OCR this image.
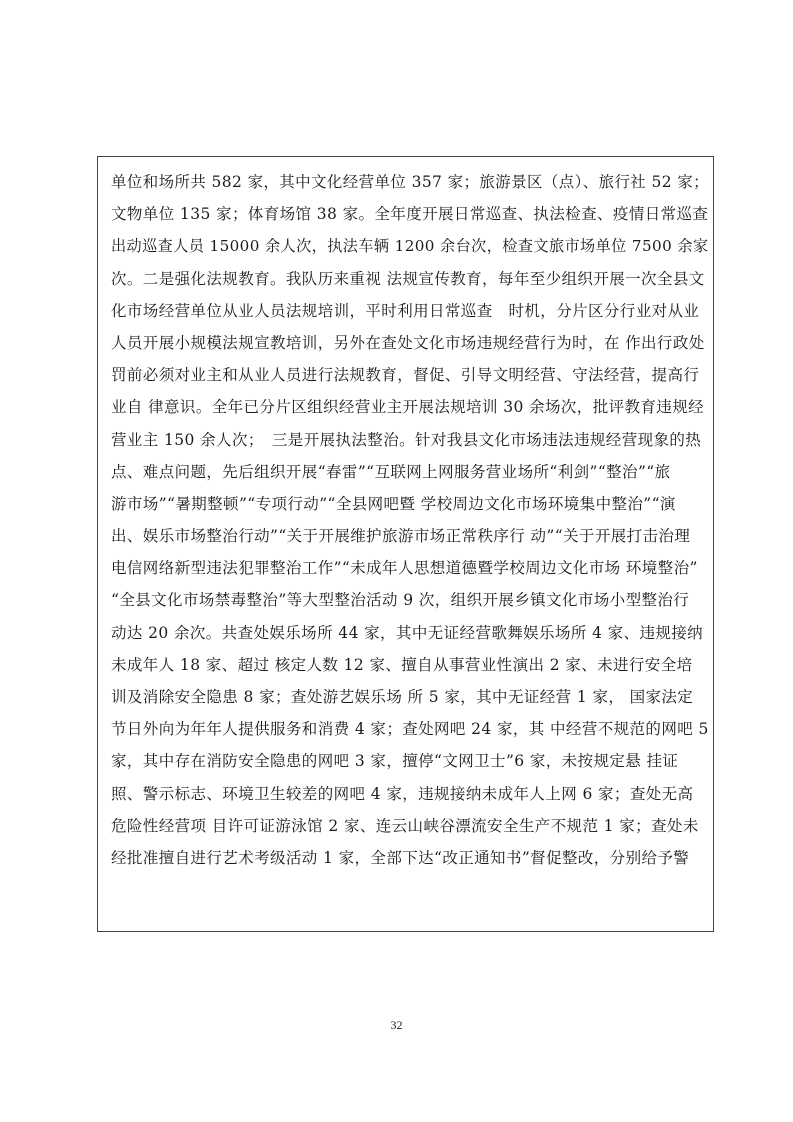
单位和场所共 582 家，其中文化经营单位 357 家；旅游景区（点）、旅行社 52 家；
文物单位 135 家；体育场馆 38 家。全年度开展日常巡查、执法检查、疫情日常巡查
出动巡查人员 15000 余人次，执法车辆 1200 余台次，检查文旅市场单位 7500 余家
次。二是强化法规教育。我队历来重视 法规宣传教育，每年至少组织开展一次全县文
化市场经营单位从业人员法规培训，平时利用日常巡查　时机，分片区分行业对从业
人员开展小规模法规宣教培训，另外在查处文化市场违规经营行为时，在 作出行政处
罚前必须对业主和从业人员进行法规教育，督促、引导文明经营、守法经营，提高行
业自 律意识。全年已分片区组织经营业主开展法规培训 30 余场次，批评教育违规经
营业主 150 余人次；　三是开展执法整治。针对我县文化市场违法违规经营现象的热
点、难点问题，先后组织开展“春雷”“互联网上网服务营业场所“利剑”“整治”“旅
游市场”“暑期整顿”“专项行动”“全县网吧暨 学校周边文化市场环境集中整治”“演
出、娱乐市场整治行动”“关于开展维护旅游市场正常秩序行 动”“关于开展打击治理
电信网络新型违法犯罪整治工作”“未成年人思想道德暨学校周边文化市场 环境整治”
“全县文化市场禁毒整治”等大型整治活动 9 次，组织开展乡镇文化市场小型整治行
动达 20 余次。共查处娱乐场所 44 家，其中无证经营歌舞娱乐场所 4 家、违规接纳
未成年人 18 家、超过 核定人数 12 家、擅自从事营业性演出 2 家、未进行安全培
训及消除安全隐患 8 家；查处游艺娱乐场 所 5 家，其中无证经营 1 家， 国家法定
节日外向为年年人提供服务和消费 4 家；查处网吧 24 家，其 中经营不规范的网吧 5
家，其中存在消防安全隐患的网吧 3 家，擅停“文网卫士”6 家，未按规定悬 挂证
照、警示标志、环境卫生较差的网吧 4 家，违规接纳未成年人上网 6 家；查处无高
危险性经营项 目许可证游泳馆 2 家、连云山峡谷漂流安全生产不规范 1 家；查处未
经批准擅自进行艺术考级活动 1 家，全部下达“改正通知书”督促整改，分别给予警
32
